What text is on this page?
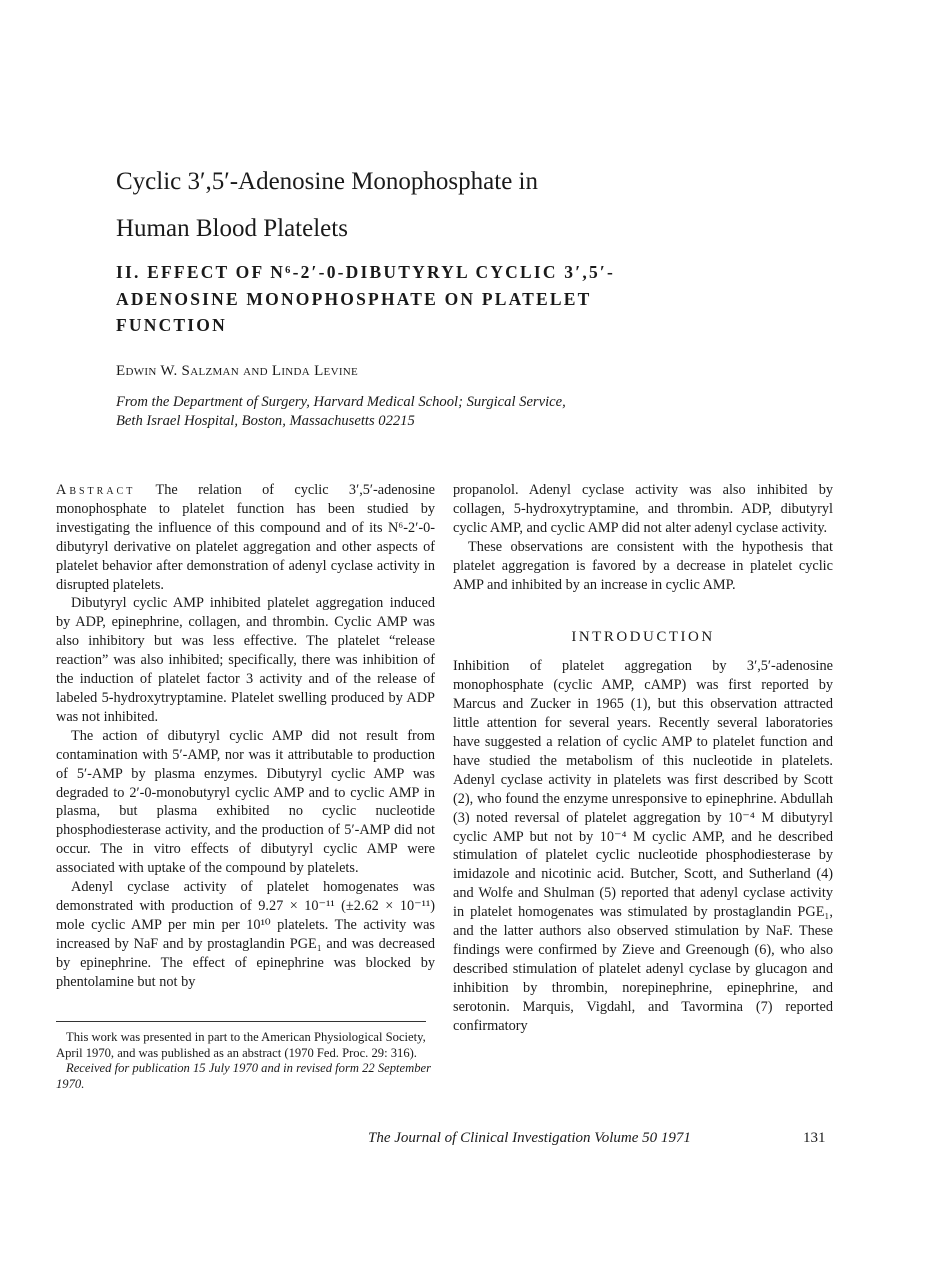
Cyclic 3′,5′-Adenosine Monophosphate in
Human Blood Platelets
II. EFFECT OF N⁶-2′-0-DIBUTYRYL CYCLIC 3′,5′-
ADENOSINE MONOPHOSPHATE ON PLATELET
FUNCTION
Edwin W. Salzman and Linda Levine
From the Department of Surgery, Harvard Medical School; Surgical Service,
Beth Israel Hospital, Boston, Massachusetts 02215

Abstract The relation of cyclic 3′,5′-adenosine monophosphate to platelet function has been studied by investigating the influence of this compound and of its N⁶-2′-0-dibutyryl derivative on platelet aggregation and other aspects of platelet behavior after demonstration of adenyl cyclase activity in disrupted platelets.

Dibutyryl cyclic AMP inhibited platelet aggregation induced by ADP, epinephrine, collagen, and thrombin. Cyclic AMP was also inhibitory but was less effective. The platelet “release reaction” was also inhibited; specifically, there was inhibition of the induction of platelet factor 3 activity and of the release of labeled 5-hydroxytryptamine. Platelet swelling produced by ADP was not inhibited.

The action of dibutyryl cyclic AMP did not result from contamination with 5′-AMP, nor was it attributable to production of 5′-AMP by plasma enzymes. Dibutyryl cyclic AMP was degraded to 2′-0-monobutyryl cyclic AMP and to cyclic AMP in plasma, but plasma exhibited no cyclic nucleotide phosphodiesterase activity, and the production of 5′-AMP did not occur. The in vitro effects of dibutyryl cyclic AMP were associated with uptake of the compound by platelets.

Adenyl cyclase activity of platelet homogenates was demonstrated with production of 9.27 × 10⁻¹¹ (±2.62 × 10⁻¹¹) mole cyclic AMP per min per 10¹⁰ platelets. The activity was increased by NaF and by prostaglandin PGE₁ and was decreased by epinephrine. The effect of epinephrine was blocked by phentolamine but not by

This work was presented in part to the American Physiological Society, April 1970, and was published as an abstract (1970 Fed. Proc. 29: 316).

Received for publication 15 July 1970 and in revised form 22 September 1970.

propanolol. Adenyl cyclase activity was also inhibited by collagen, 5-hydroxytryptamine, and thrombin. ADP, dibutyryl cyclic AMP, and cyclic AMP did not alter adenyl cyclase activity.

These observations are consistent with the hypothesis that platelet aggregation is favored by a decrease in platelet cyclic AMP and inhibited by an increase in cyclic AMP.

INTRODUCTION

Inhibition of platelet aggregation by 3′,5′-adenosine monophosphate (cyclic AMP, cAMP) was first reported by Marcus and Zucker in 1965 (1), but this observation attracted little attention for several years. Recently several laboratories have suggested a relation of cyclic AMP to platelet function and have studied the metabolism of this nucleotide in platelets. Adenyl cyclase activity in platelets was first described by Scott (2), who found the enzyme unresponsive to epinephrine. Abdullah (3) noted reversal of platelet aggregation by 10⁻⁴ M dibutyryl cyclic AMP but not by 10⁻⁴ M cyclic AMP, and he described stimulation of platelet cyclic nucleotide phosphodiesterase by imidazole and nicotinic acid. Butcher, Scott, and Sutherland (4) and Wolfe and Shulman (5) reported that adenyl cyclase activity in platelet homogenates was stimulated by prostaglandin PGE₁, and the latter authors also observed stimulation by NaF. These findings were confirmed by Zieve and Greenough (6), who also described stimulation of platelet adenyl cyclase by glucagon and inhibition by thrombin, norepinephrine, epinephrine, and serotonin. Marquis, Vigdahl, and Tavormina (7) reported confirmatory

The Journal of Clinical Investigation Volume 50 1971	131
